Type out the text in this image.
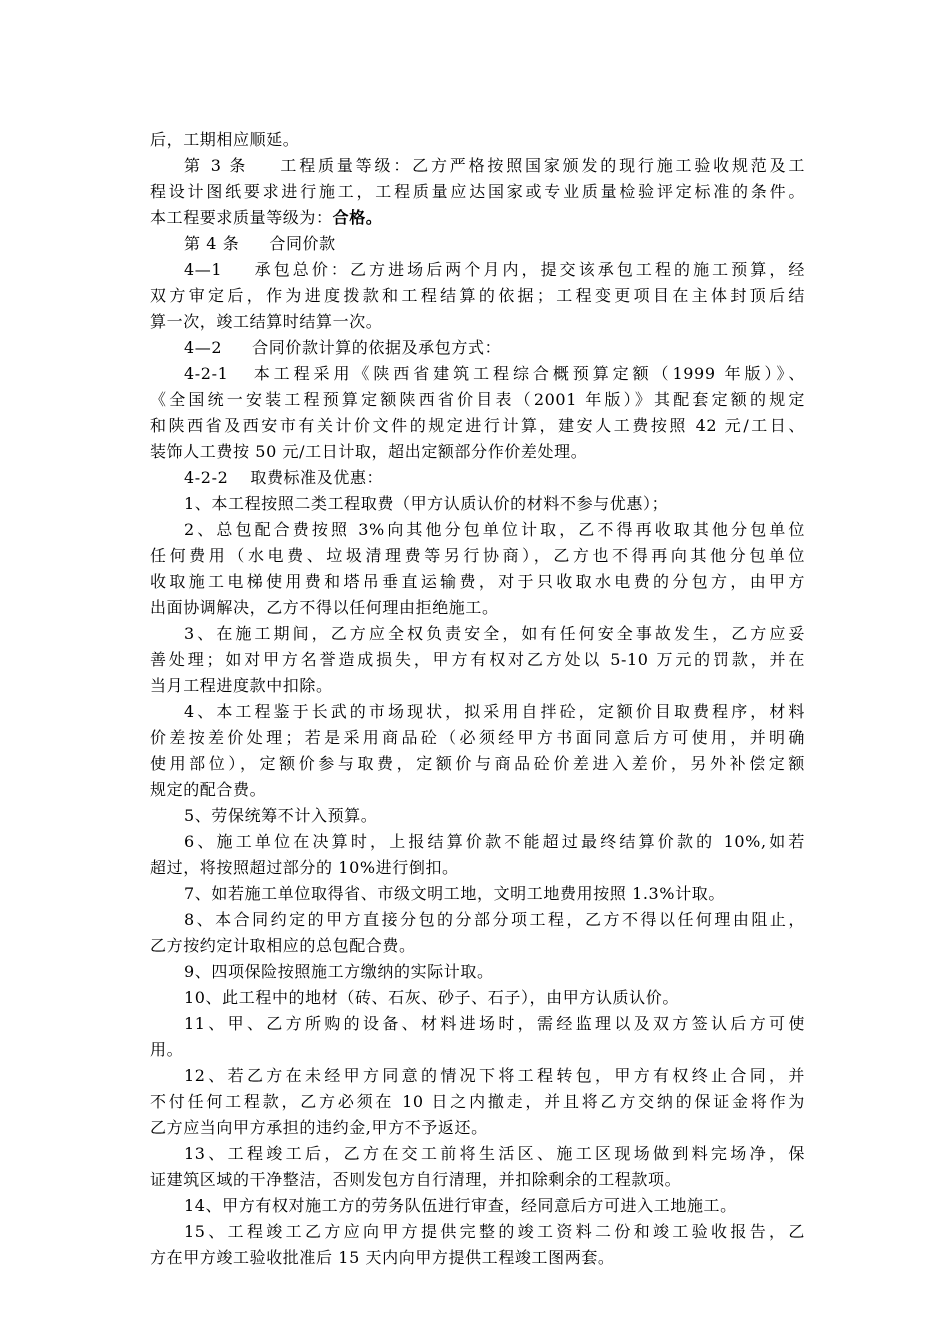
后，工期相应顺延。
第 3 条 工程质量等级：乙方严格按照国家颁发的现行施工验收规范及工
程设计图纸要求进行施工，工程质量应达国家或专业质量检验评定标准的条件。
本工程要求质量等级为：合格。
第 4 条 合同价款
4—1 承包总价：乙方进场后两个月内，提交该承包工程的施工预算，经
双方审定后，作为进度拨款和工程结算的依据；工程变更项目在主体封顶后结
算一次，竣工结算时结算一次。
4—2 合同价款计算的依据及承包方式：
4-2-1 本工程采用《陕西省建筑工程综合概预算定额（1999 年版）》、
《全国统一安装工程预算定额陕西省价目表（2001 年版）》其配套定额的规定
和陕西省及西安市有关计价文件的规定进行计算，建安人工费按照 42 元/工日、
装饰人工费按 50 元/工日计取，超出定额部分作价差处理。
4-2-2 取费标准及优惠：
1、本工程按照二类工程取费（甲方认质认价的材料不参与优惠）；
2、总包配合费按照 3%向其他分包单位计取，乙不得再收取其他分包单位
任何费用（水电费、垃圾清理费等另行协商），乙方也不得再向其他分包单位
收取施工电梯使用费和塔吊垂直运输费，对于只收取水电费的分包方，由甲方
出面协调解决，乙方不得以任何理由拒绝施工。
3、在施工期间，乙方应全权负责安全，如有任何安全事故发生，乙方应妥
善处理；如对甲方名誉造成损失，甲方有权对乙方处以 5-10 万元的罚款，并在
当月工程进度款中扣除。
4、本工程鉴于长武的市场现状，拟采用自拌砼，定额价目取费程序，材料
价差按差价处理；若是采用商品砼（必须经甲方书面同意后方可使用，并明确
使用部位），定额价参与取费，定额价与商品砼价差进入差价，另外补偿定额
规定的配合费。
5、劳保统筹不计入预算。
6、施工单位在决算时，上报结算价款不能超过最终结算价款的 10%,如若
超过，将按照超过部分的 10%进行倒扣。
7、如若施工单位取得省、市级文明工地，文明工地费用按照 1.3%计取。
8、本合同约定的甲方直接分包的分部分项工程，乙方不得以任何理由阻止，
乙方按约定计取相应的总包配合费。
9、四项保险按照施工方缴纳的实际计取。
10、此工程中的地材（砖、石灰、砂子、石子），由甲方认质认价。
11、甲、乙方所购的设备、材料进场时，需经监理以及双方签认后方可使
用。
12、若乙方在未经甲方同意的情况下将工程转包，甲方有权终止合同，并
不付任何工程款，乙方必须在 10 日之内撤走，并且将乙方交纳的保证金将作为
乙方应当向甲方承担的违约金,甲方不予返还。
13、工程竣工后，乙方在交工前将生活区、施工区现场做到料完场净，保
证建筑区域的干净整洁，否则发包方自行清理，并扣除剩余的工程款项。
14、甲方有权对施工方的劳务队伍进行审查，经同意后方可进入工地施工。
15、工程竣工乙方应向甲方提供完整的竣工资料二份和竣工验收报告，乙
方在甲方竣工验收批准后 15 天内向甲方提供工程竣工图两套。
